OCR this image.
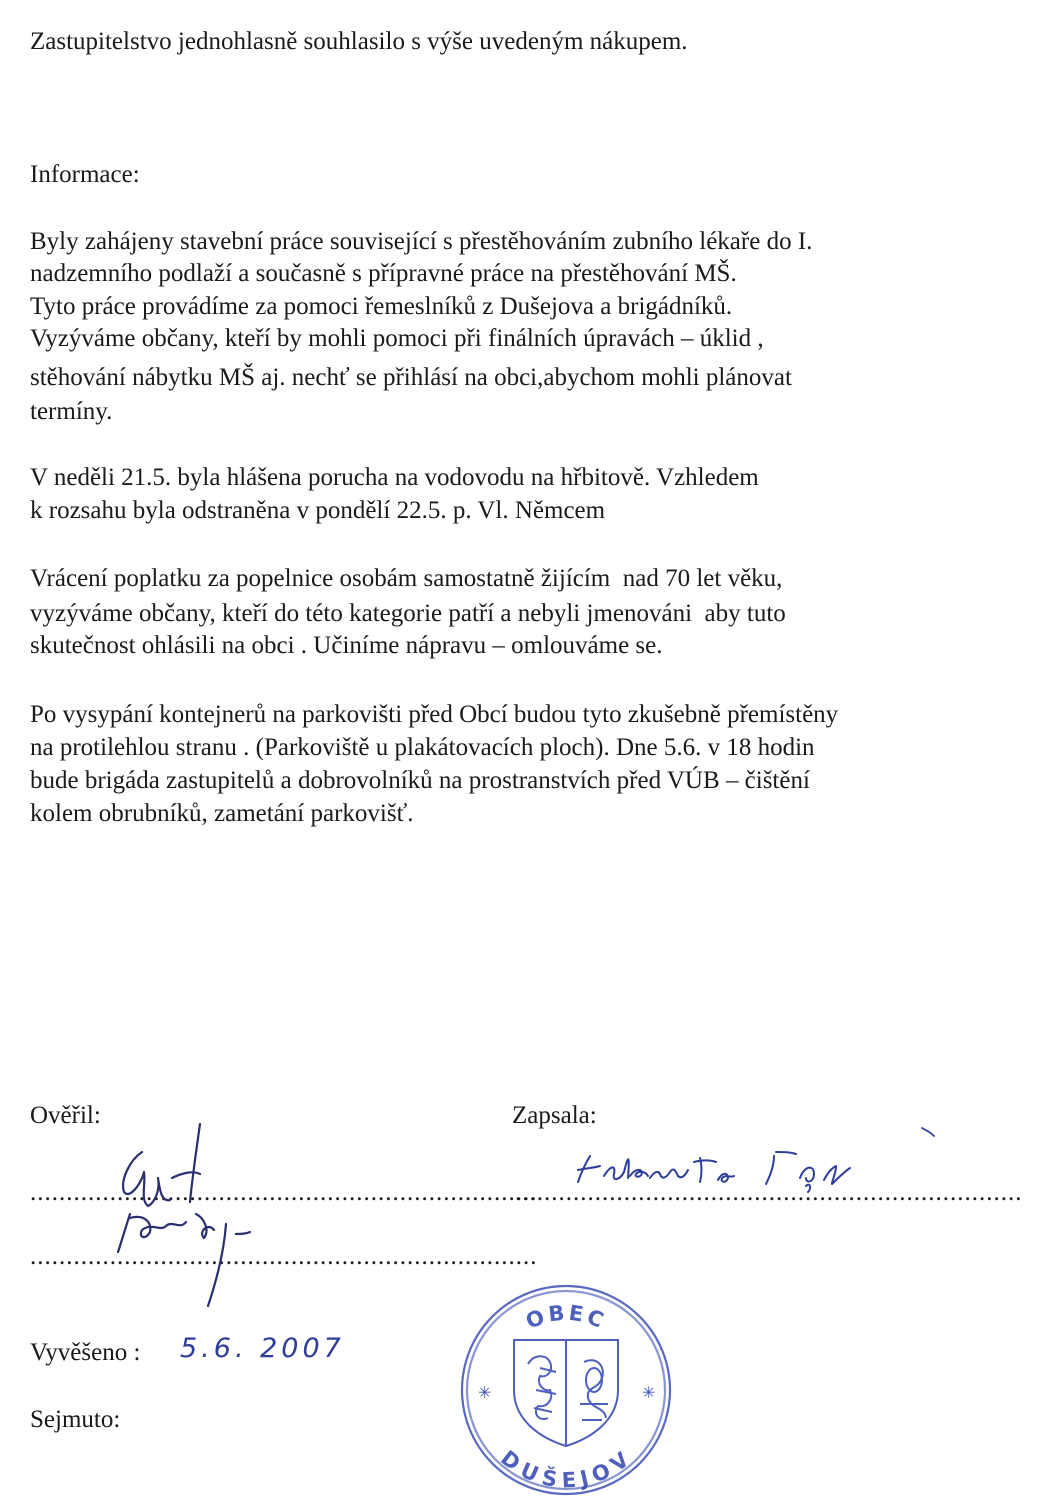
Zastupitelstvo jednohlasně souhlasilo s výše uvedeným nákupem.

Informace:

Byly zahájeny stavební práce související s přestěhováním zubního lékaře do I.

nadzemního podlaží a současně s přípravné práce na přestěhování MŠ.

Tyto práce provádíme za pomoci řemeslníků z Dušejova a brigádníků.

Vyzýváme občany, kteří by mohli pomoci při finálních úpravách – úklid ,

stěhování nábytku MŠ aj. nechť se přihlásí na obci,abychom mohli plánovat

termíny.

V neděli 21.5. byla hlášena porucha na vodovodu na hřbitově. Vzhledem

k rozsahu byla odstraněna v pondělí 22.5. p. Vl. Němcem

Vrácení poplatku za popelnice osobám samostatně žijícím  nad 70 let věku,

vyzýváme občany, kteří do této kategorie patří a nebyli jmenováni  aby tuto

skutečnost ohlásili na obci . Učiníme nápravu – omlouváme se.

Po vysypání kontejnerů na parkovišti před Obcí budou tyto zkušebně přemístěny

na protilehlou stranu . (Parkoviště u plakátovacích ploch). Dne 5.6. v 18 hodin

bude brigáda zastupitelů a dobrovolníků na prostranstvích před VÚB – čištění

kolem obrubníků, zametání parkovišť.

Ověřil:	Zapsala:

......................................................................
......................................................................
......................................................................

Vyvěšeno : 5.6. 2007

Sejmuto:

OBEC
DUŠEJOV
✳	✳
